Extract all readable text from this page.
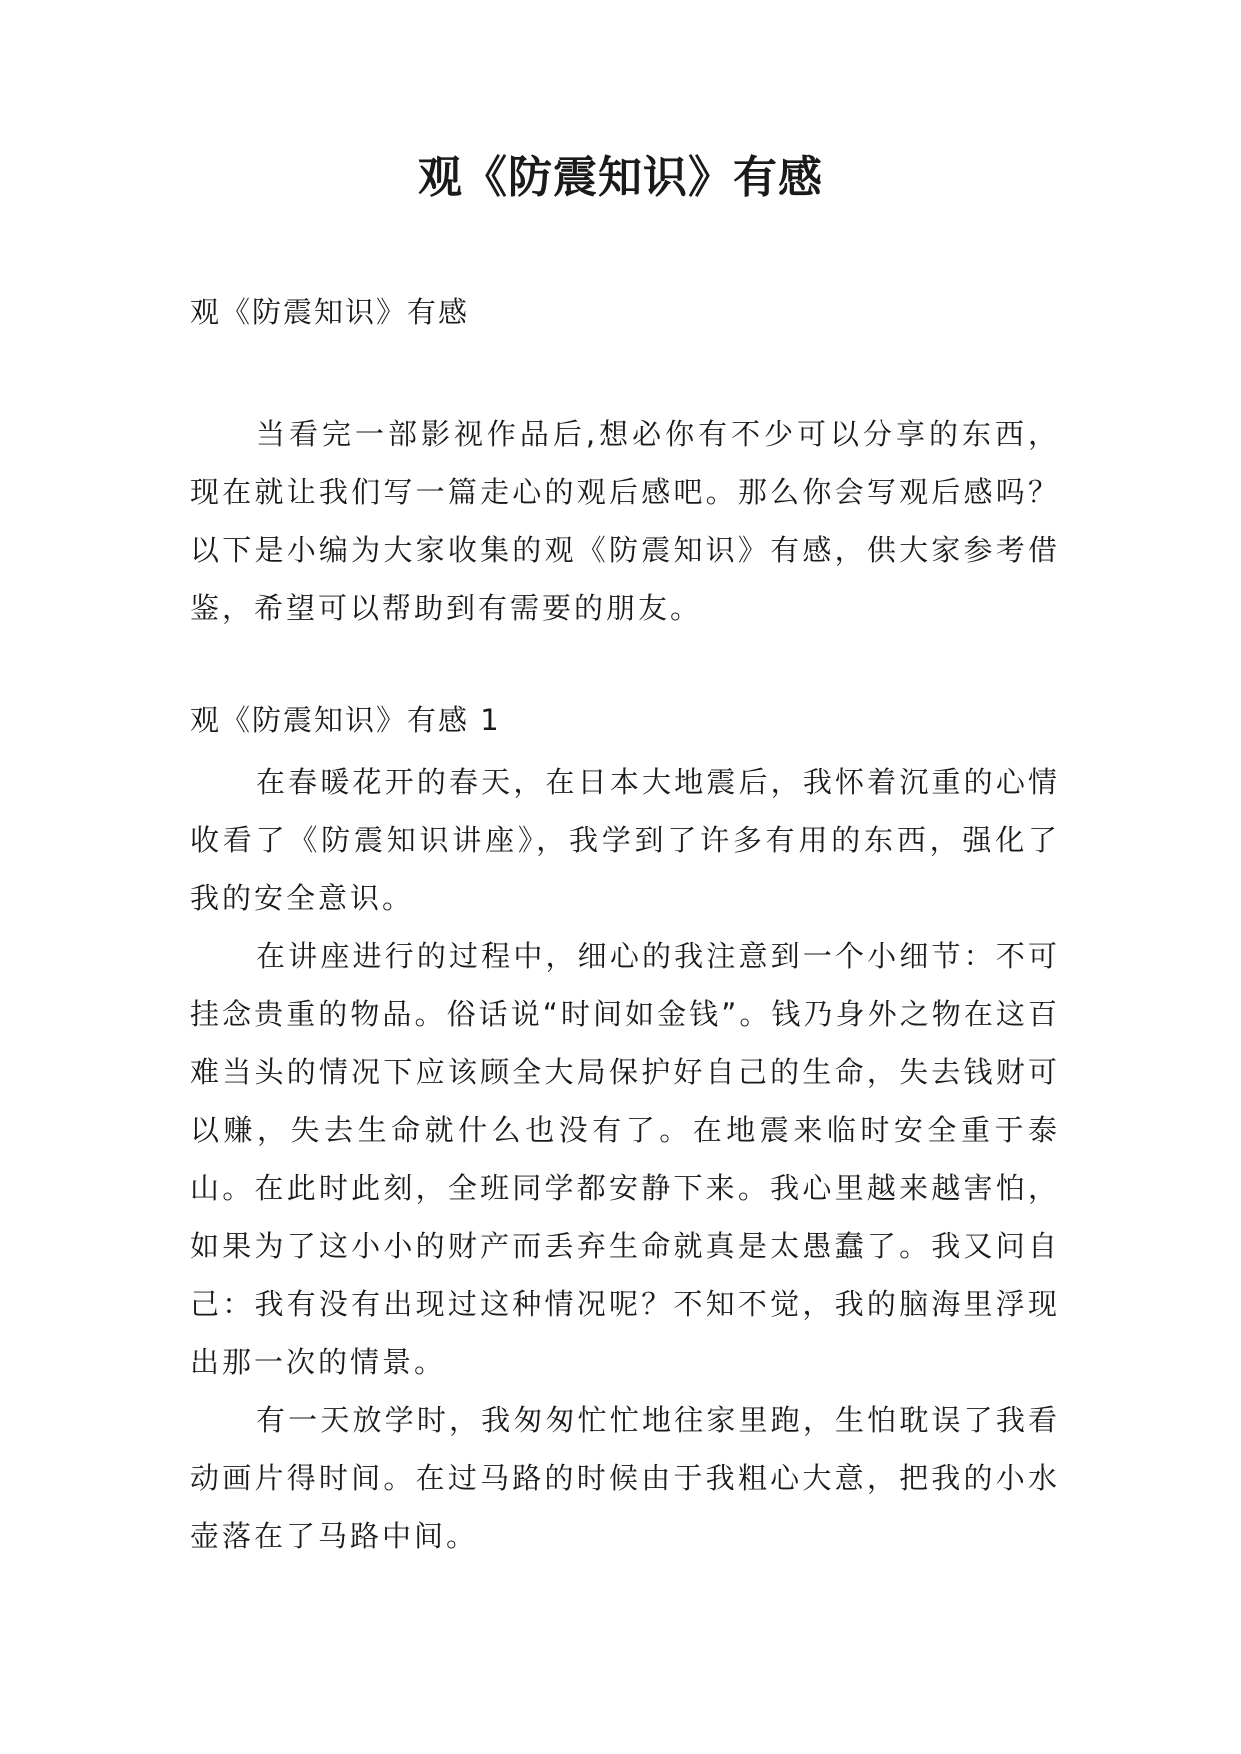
观《防震知识》有感
观《防震知识》有感

当看完一部影视作品后,想必你有不少可以分享的东西，现在就让我们写一篇走心的观后感吧。那么你会写观后感吗？以下是小编为大家收集的观《防震知识》有感，供大家参考借鉴，希望可以帮助到有需要的朋友。

观《防震知识》有感 1

在春暖花开的春天，在日本大地震后，我怀着沉重的心情收看了《防震知识讲座》，我学到了许多有用的东西，强化了我的安全意识。

在讲座进行的过程中，细心的我注意到一个小细节：不可挂念贵重的物品。俗话说“时间如金钱”。钱乃身外之物在这百难当头的情况下应该顾全大局保护好自己的生命，失去钱财可以赚，失去生命就什么也没有了。在地震来临时安全重于泰山。在此时此刻，全班同学都安静下来。我心里越来越害怕，如果为了这小小的财产而丢弃生命就真是太愚蠢了。我又问自己：我有没有出现过这种情况呢？不知不觉，我的脑海里浮现出那一次的情景。

有一天放学时，我匆匆忙忙地往家里跑，生怕耽误了我看动画片得时间。在过马路的时候由于我粗心大意，把我的小水壶落在了马路中间。
